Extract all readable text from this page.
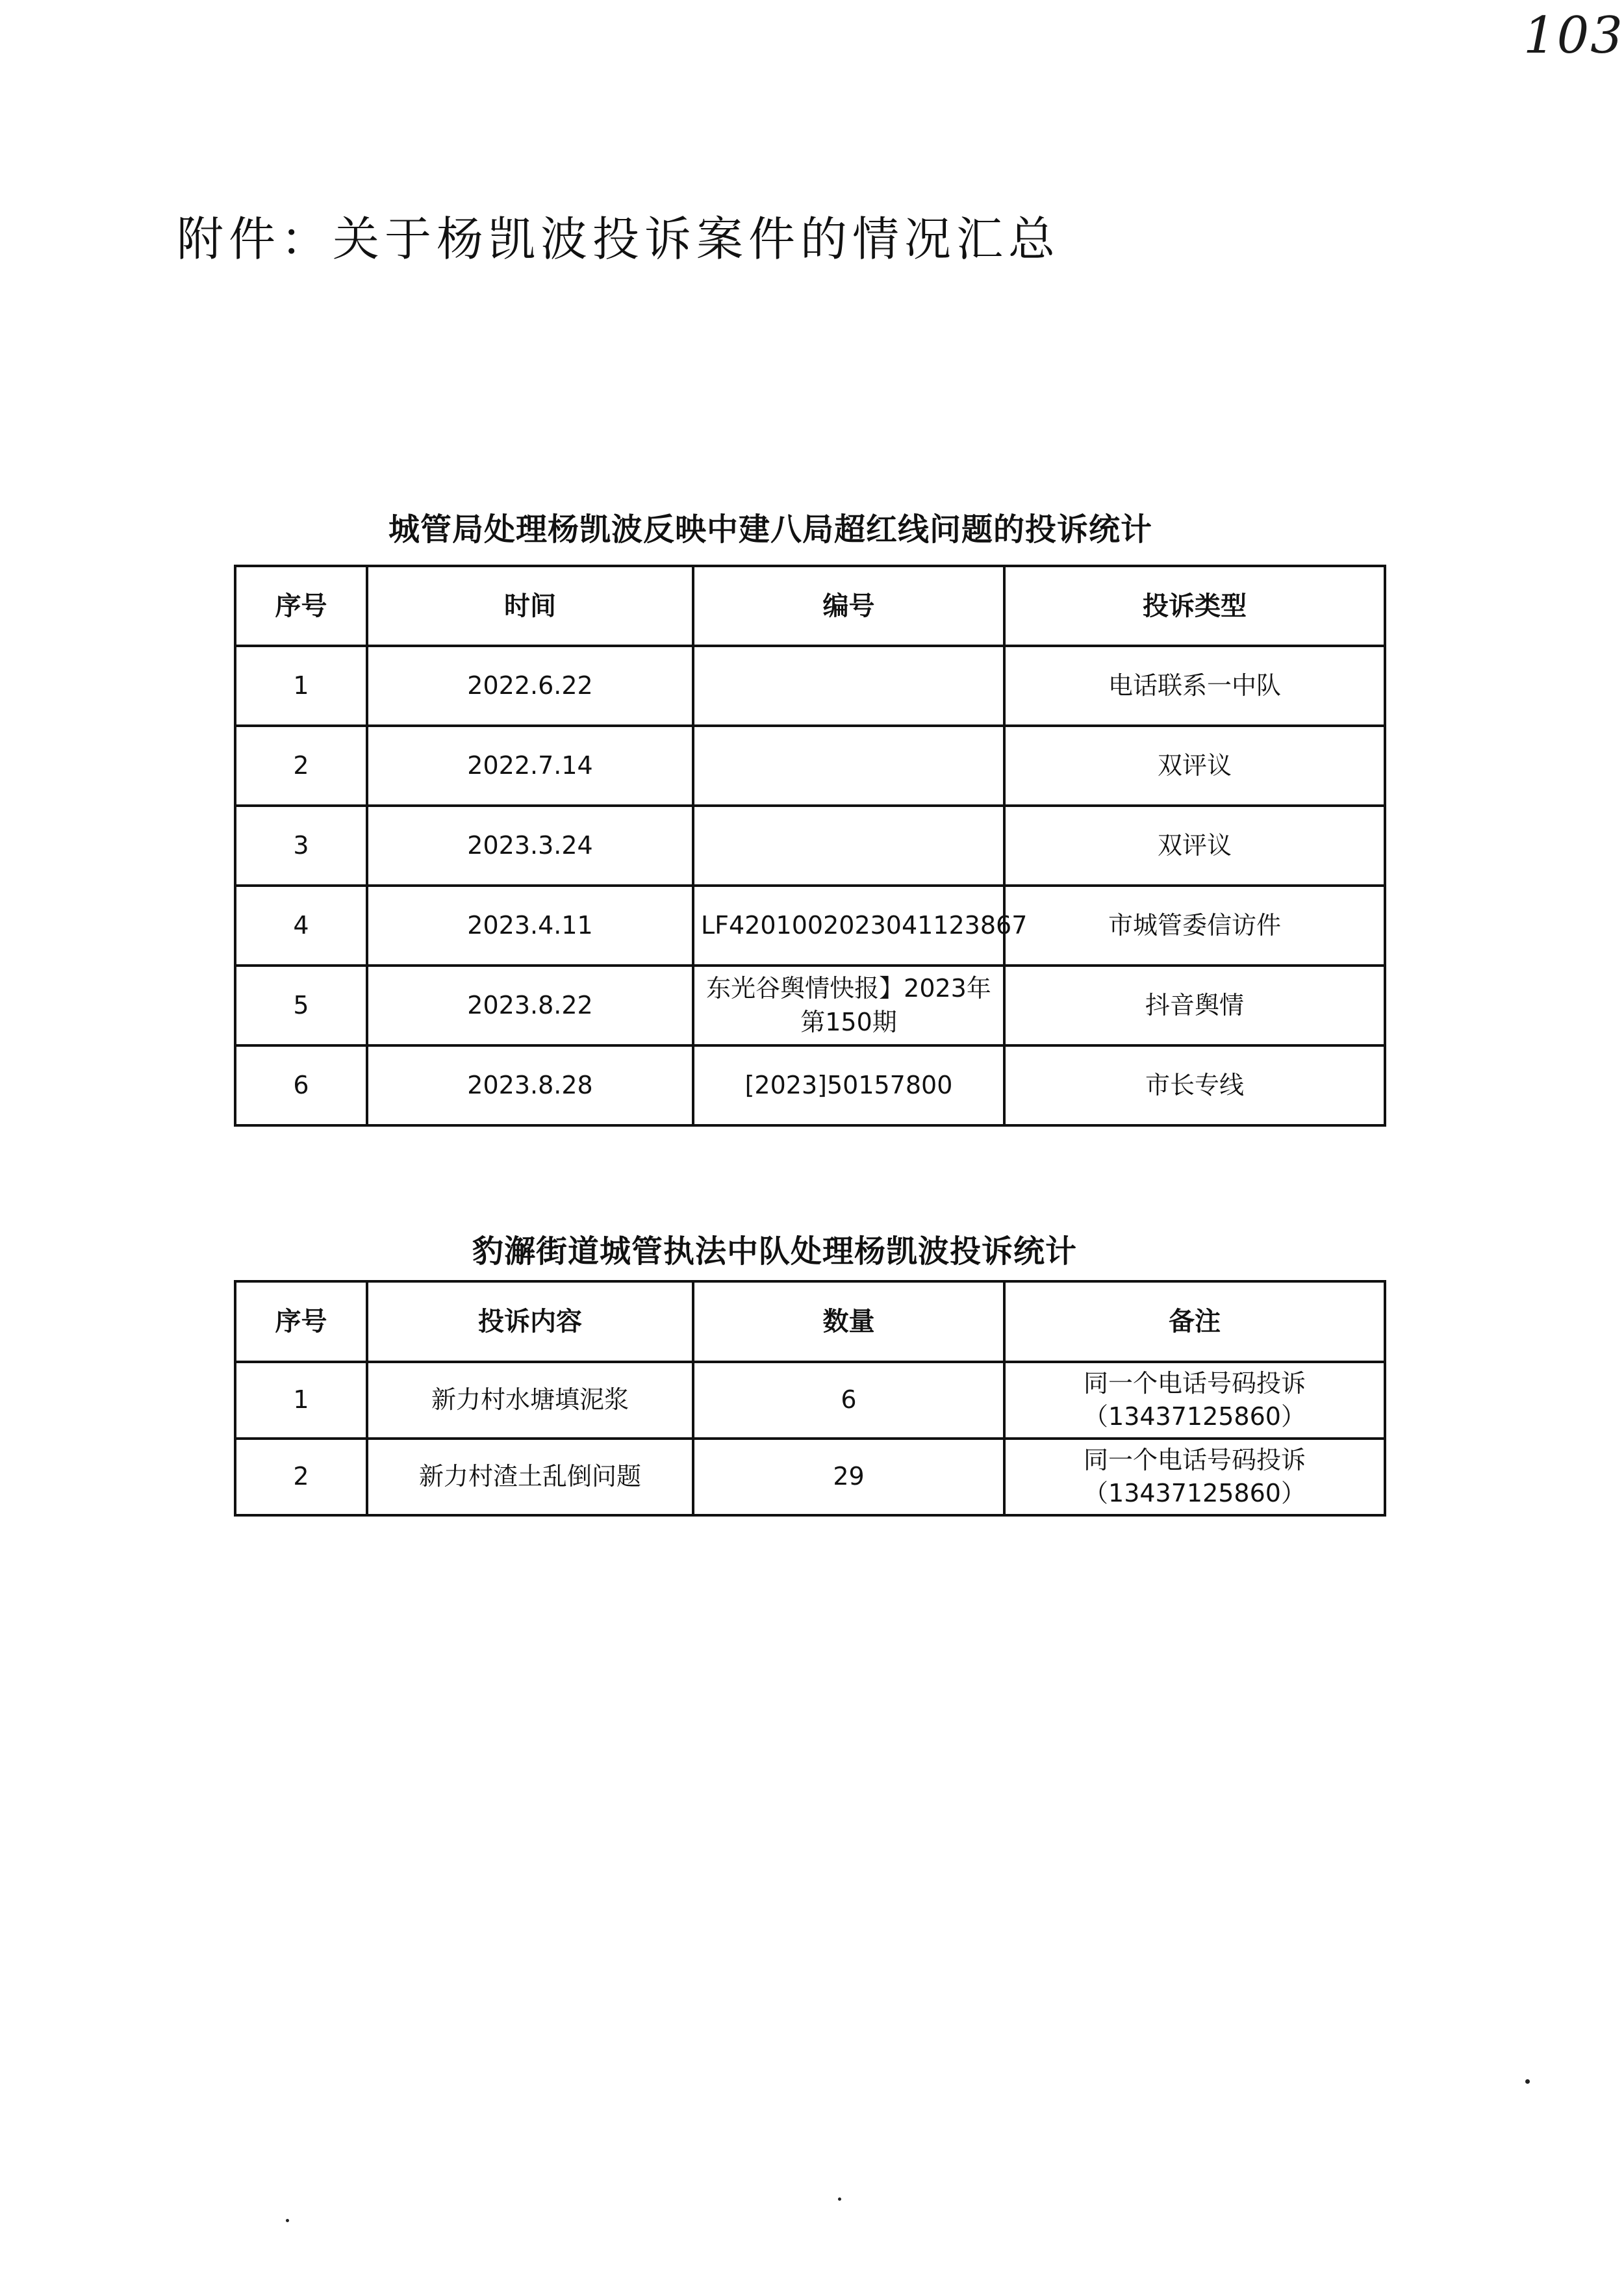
103
附件：关于杨凯波投诉案件的情况汇总
城管局处理杨凯波反映中建八局超红线问题的投诉统计
序号	时间	编号	投诉类型
1	2022.6.22		电话联系一中队
2	2022.7.14		双评议
3	2023.3.24		双评议
4	2023.4.11	LF4201002023041123867	市城管委信访件
5	2023.8.22	东光谷舆情快报】2023年第150期	抖音舆情
6	2023.8.28	[2023]50157800	市长专线
豹澥街道城管执法中队处理杨凯波投诉统计
序号	投诉内容	数量	备注
1	新力村水塘填泥浆	6	同一个电话号码投诉
（13437125860）

2	新力村渣土乱倒问题	29	同一个电话号码投诉
（13437125860）
